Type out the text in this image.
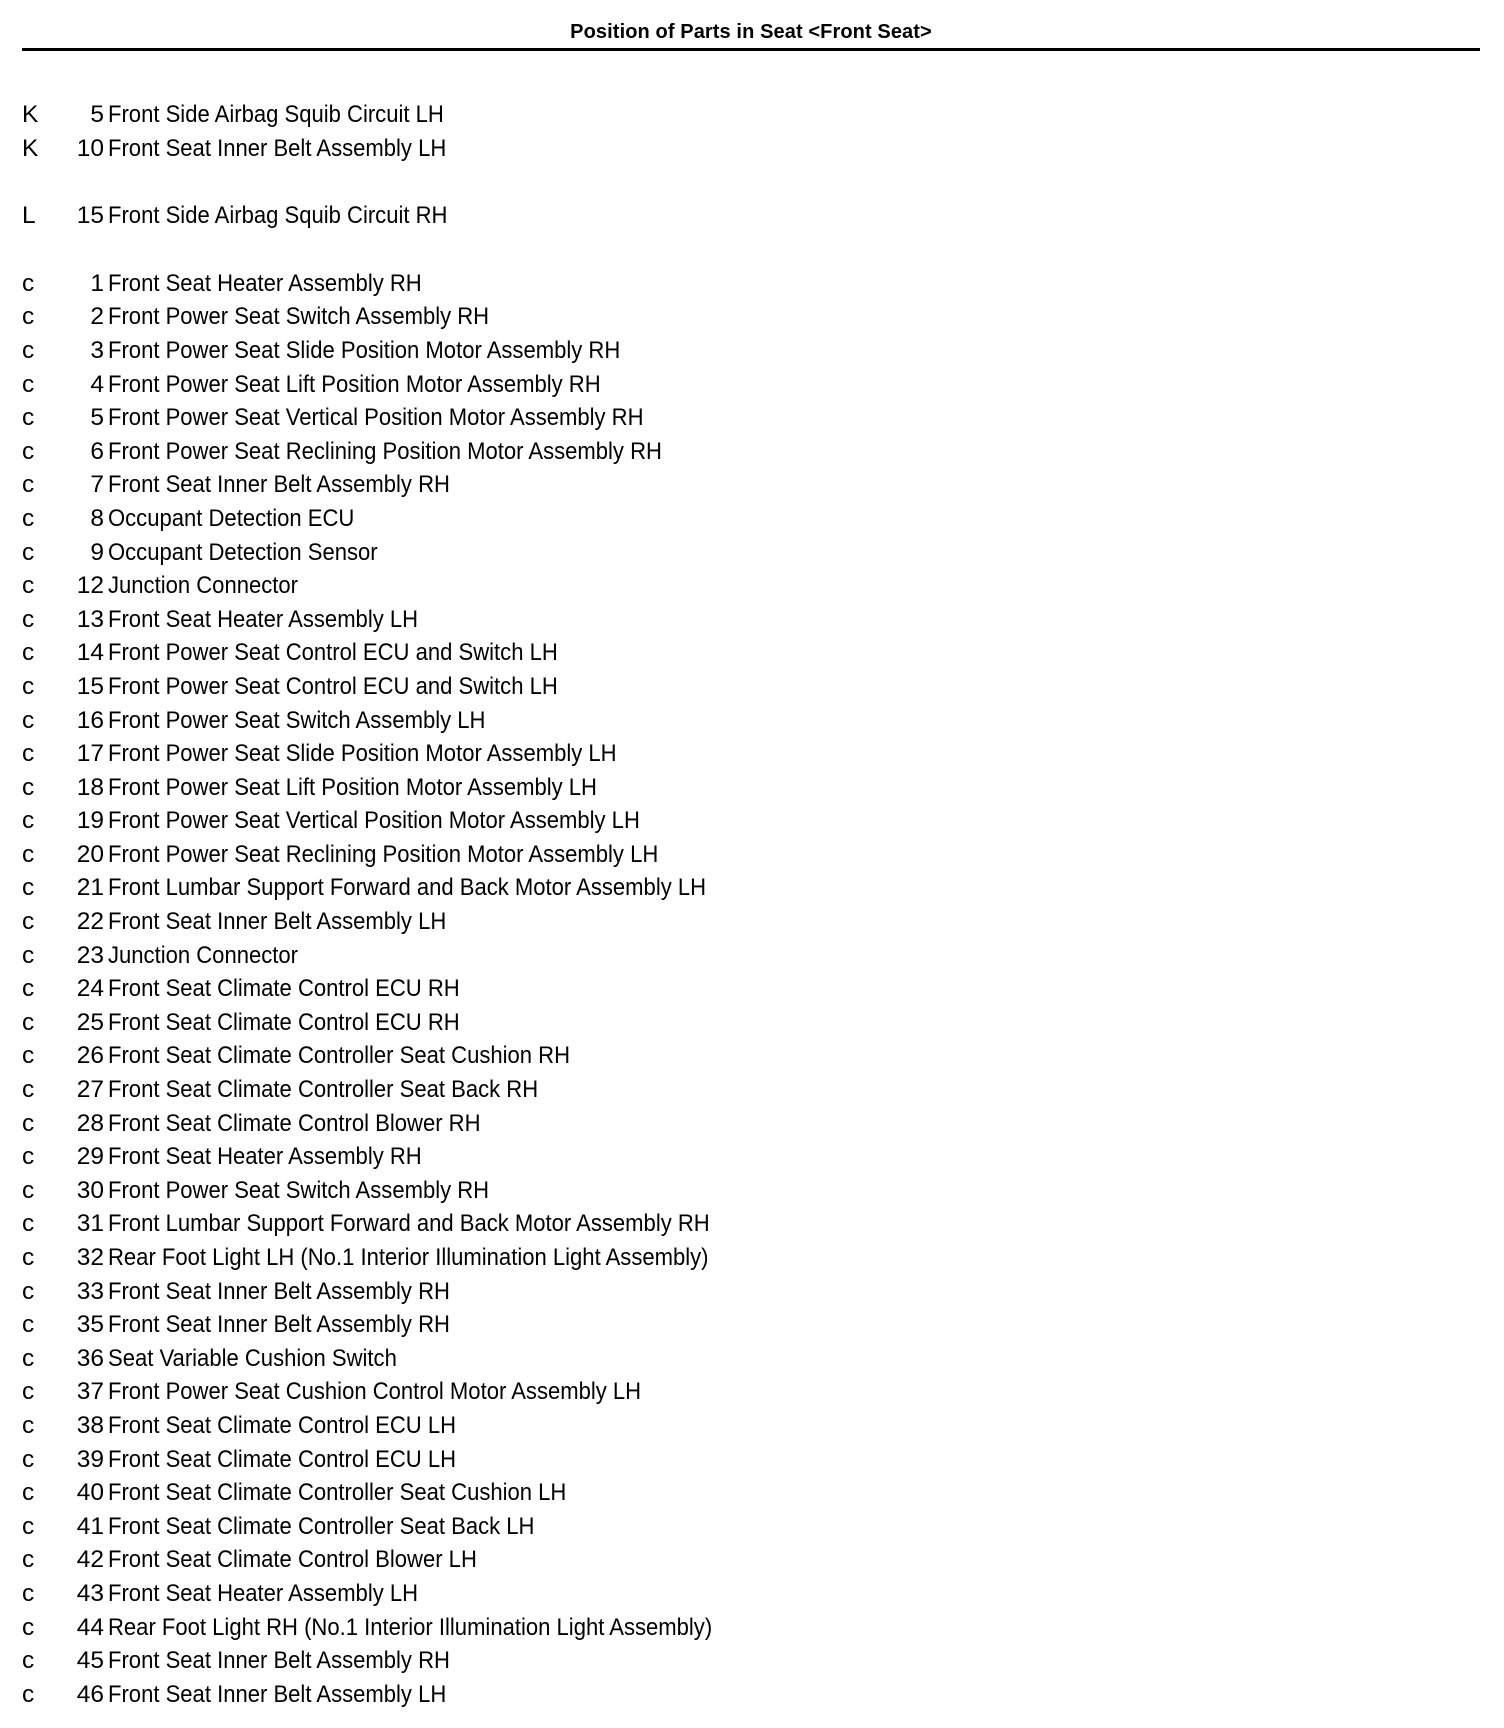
Position of Parts in Seat <Front Seat>
K	5 Front Side Airbag Squib Circuit LH
K	10 Front Seat Inner Belt Assembly LH
L	15 Front Side Airbag Squib Circuit RH
c	1 Front Seat Heater Assembly RH
c	2 Front Power Seat Switch Assembly RH
c	3 Front Power Seat Slide Position Motor Assembly RH
c	4 Front Power Seat Lift Position Motor Assembly RH
c	5 Front Power Seat Vertical Position Motor Assembly RH
c	6 Front Power Seat Reclining Position Motor Assembly RH
c	7 Front Seat Inner Belt Assembly RH
c	8 Occupant Detection ECU
c	9 Occupant Detection Sensor
c	12 Junction Connector
c	13 Front Seat Heater Assembly LH
c	14 Front Power Seat Control ECU and Switch LH
c	15 Front Power Seat Control ECU and Switch LH
c	16 Front Power Seat Switch Assembly LH
c	17 Front Power Seat Slide Position Motor Assembly LH
c	18 Front Power Seat Lift Position Motor Assembly LH
c	19 Front Power Seat Vertical Position Motor Assembly LH
c	20 Front Power Seat Reclining Position Motor Assembly LH
c	21 Front Lumbar Support Forward and Back Motor Assembly LH
c	22 Front Seat Inner Belt Assembly LH
c	23 Junction Connector
c	24 Front Seat Climate Control ECU RH
c	25 Front Seat Climate Control ECU RH
c	26 Front Seat Climate Controller Seat Cushion RH
c	27 Front Seat Climate Controller Seat Back RH
c	28 Front Seat Climate Control Blower RH
c	29 Front Seat Heater Assembly RH
c	30 Front Power Seat Switch Assembly RH
c	31 Front Lumbar Support Forward and Back Motor Assembly RH
c	32 Rear Foot Light LH (No.1 Interior Illumination Light Assembly)
c	33 Front Seat Inner Belt Assembly RH
c	35 Front Seat Inner Belt Assembly RH
c	36 Seat Variable Cushion Switch
c	37 Front Power Seat Cushion Control Motor Assembly LH
c	38 Front Seat Climate Control ECU LH
c	39 Front Seat Climate Control ECU LH
c	40 Front Seat Climate Controller Seat Cushion LH
c	41 Front Seat Climate Controller Seat Back LH
c	42 Front Seat Climate Control Blower LH
c	43 Front Seat Heater Assembly LH
c	44 Rear Foot Light RH (No.1 Interior Illumination Light Assembly)
c	45 Front Seat Inner Belt Assembly RH
c	46 Front Seat Inner Belt Assembly LH
